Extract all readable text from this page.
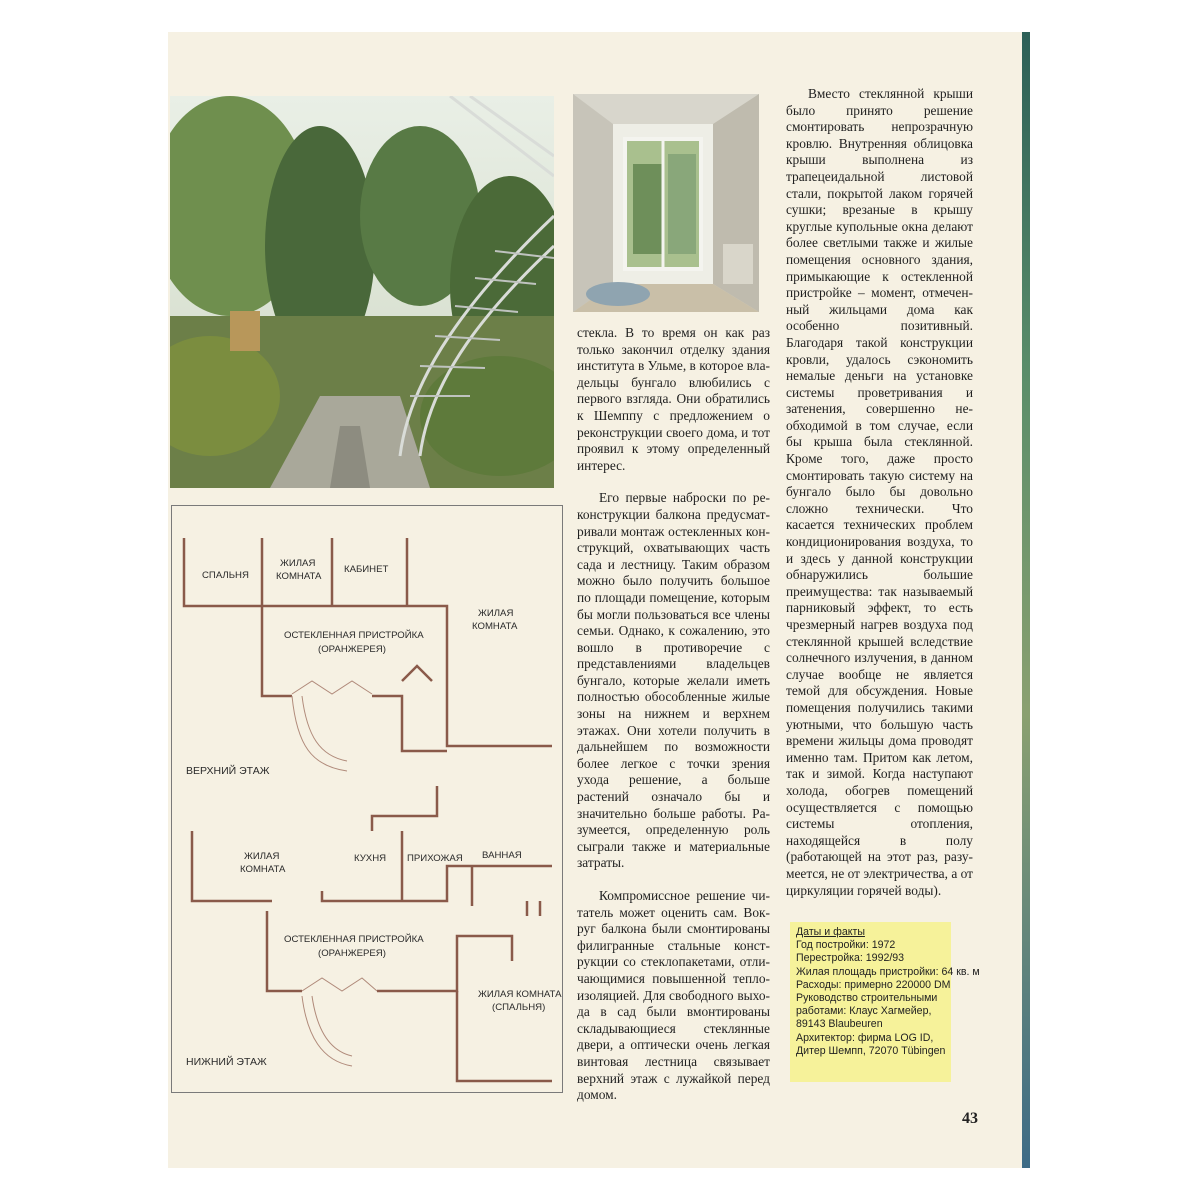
СПАЛЬНЯ
ЖИЛАЯ
КОМНАТА
КАБИНЕТ
ЖИЛАЯ
КОМНАТА
ОСТЕКЛЕННАЯ ПРИСТРОЙКА
(ОРАНЖЕРЕЯ)
ВЕРХНИЙ ЭТАЖ
ЖИЛАЯ
КОМНАТА
КУХНЯ ПРИХОЖАЯ ВАННАЯ
ОСТЕКЛЕННАЯ ПРИСТРОЙКА
(ОРАНЖЕРЕЯ)
ЖИЛАЯ КОМНАТА
(СПАЛЬНЯ)
НИЖНИЙ ЭТАЖ

стекла. В то время он как раз только закончил отделку здания института в Ульме, в которое владельцы бунгало влюбились с первого взгляда. Они обратились к Шемппу с предложением о реконструкции своего дома, и тот проявил к этому определенный интерес.

Его первые наброски по реконструкции балкона предусматривали монтаж остекленных конструкций, охватывающих часть сада и лестницу. Таким образом можно было получить большое по площади помещение, которым бы могли пользоваться все члены семьи. Однако, к сожалению, это вошло в противоречие с представлениями владельцев бунгало, которые желали иметь полностью обособленные жилые зоны на нижнем и верхнем этажах. Они хотели получить в дальнейшем по возможности более легкое с точки зрения ухода решение, а больше растений означало бы и значительно больше работы. Разумеется, определенную роль сыграли также и материальные затраты.

Компромиссное решение читатель может оценить сам. Вокруг балкона были смонтированы филигранные стальные конструкции со стеклопакетами, отличающимися повышенной теплоизоляцией. Для свободного выхода в сад были вмонтированы складывающиеся стеклянные двери, а оптически очень легкая винтовая лестница связывает верхний этаж с лужайкой перед домом.

Вместо стеклянной крыши было принято решение смонтировать непрозрачную кровлю. Внутренняя облицовка крыши выполнена из трапецеидальной листовой стали, покрытой лаком горячей сушки; врезаные в крышу круглые купольные окна делают более светлыми также и жилые помещения основного здания, примыкающие к остекленной пристройке – момент, отмеченный жильцами дома как особенно позитивный. Благодаря такой конструкции кровли, удалось сэкономить немалые деньги на установке системы проветривания и затенения, совершенно необходимой в том случае, если бы крыша была стеклянной. Кроме того, даже просто смонтировать такую систему на бунгало было бы довольно сложно технически. Что касается технических проблем кондиционирования воздуха, то и здесь у данной конструкции обнаружились большие преимущества: так называемый парниковый эффект, то есть чрезмерный нагрев воздуха под стеклянной крышей вследствие солнечного излучения, в данном случае вообще не является темой для обсуждения. Новые помещения получились такими уютными, что большую часть времени жильцы дома проводят именно там. Притом как летом, так и зимой. Когда наступают холода, обогрев помещений осуществляется с помощью системы отопления, находящейся в полу (работающей на этот раз, разумеется, не от электричества, а от циркуляции горячей воды).

Даты и факты
Год постройки: 1972
Перестройка: 1992/93
Жилая площадь пристройки: 64 кв. м
Расходы: примерно 220000 DM
Руководство строительными
работами: Клаус Хагмейер,
89143 Blaubeuren
Архитектор: фирма LOG ID,
Дитер Шемпп, 72070 Tübingen
43
